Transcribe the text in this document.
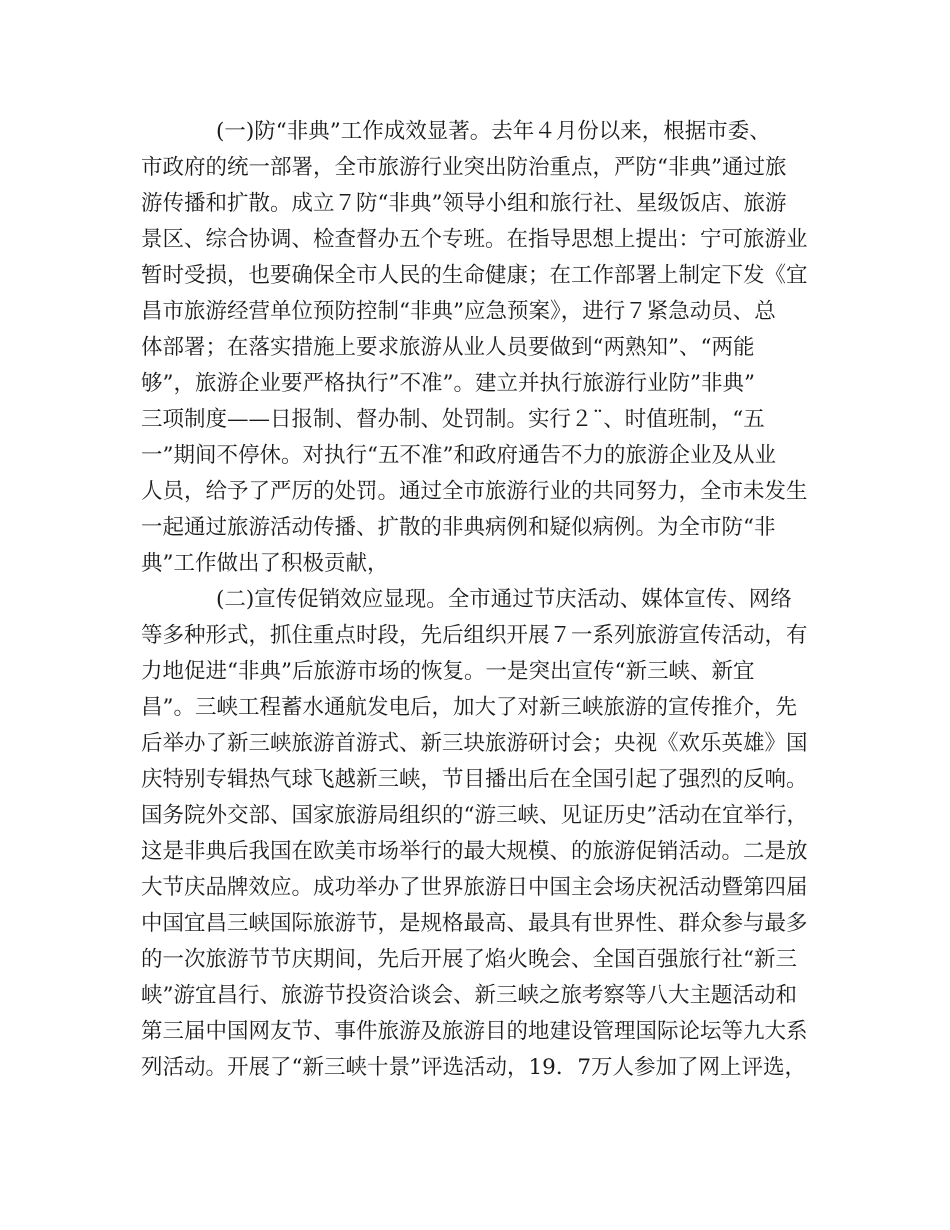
(一)防“非典”工作成效显著。去年４月份以来，根据市委、
市政府的统一部署，全市旅游行业突出防治重点，严防“非典”通过旅
游传播和扩散。成立７防“非典”领导小组和旅行社、星级饭店、旅游
景区、综合协调、检查督办五个专班。在指导思想上提出：宁可旅游业
暂时受损，也要确保全市人民的生命健康；在工作部署上制定下发《宜
昌市旅游经营单位预防控制“非典”应急预案》，进行７紧急动员、总
体部署；在落实措施上要求旅游从业人员要做到“两熟知”、“两能
够”，旅游企业要严格执行”不准”。建立并执行旅游行业防”非典”
三项制度——日报制、督办制、处罚制。实行２¨、时值班制，“五
一”期间不停休。对执行“五不准”和政府通告不力的旅游企业及从业
人员，给予了严厉的处罚。通过全市旅游行业的共同努力，全市未发生
一起通过旅游活动传播、扩散的非典病例和疑似病例。为全市防“非
典”工作做出了积极贡献，
(二)宣传促销效应显现。全市通过节庆活动、媒体宣传、网络
等多种形式，抓住重点时段，先后组织开展７一系列旅游宣传活动，有
力地促进“非典”后旅游市场的恢复。一是突出宣传“新三峡、新宜
昌”。三峡工程蓄水通航发电后，加大了对新三峡旅游的宣传推介，先
后举办了新三峡旅游首游式、新三块旅游研讨会；央视《欢乐英雄》国
庆特别专辑热气球飞越新三峡，节目播出后在全国引起了强烈的反响。
国务院外交部、国家旅游局组织的“游三峡、见证历史”活动在宜举行，
这是非典后我国在欧美市场举行的最大规模、的旅游促销活动。二是放
大节庆品牌效应。成功举办了世界旅游日中国主会场庆祝活动暨第四届
中国宜昌三峡国际旅游节，是规格最高、最具有世界性、群众参与最多
的一次旅游节节庆期间，先后开展了焰火晚会、全国百强旅行社“新三
峡”游宜昌行、旅游节投资洽谈会、新三峡之旅考察等八大主题活动和
第三届中国网友节、事件旅游及旅游目的地建设管理国际论坛等九大系
列活动。开展了“新三峡十景”评选活动，19．7万人参加了网上评选，
